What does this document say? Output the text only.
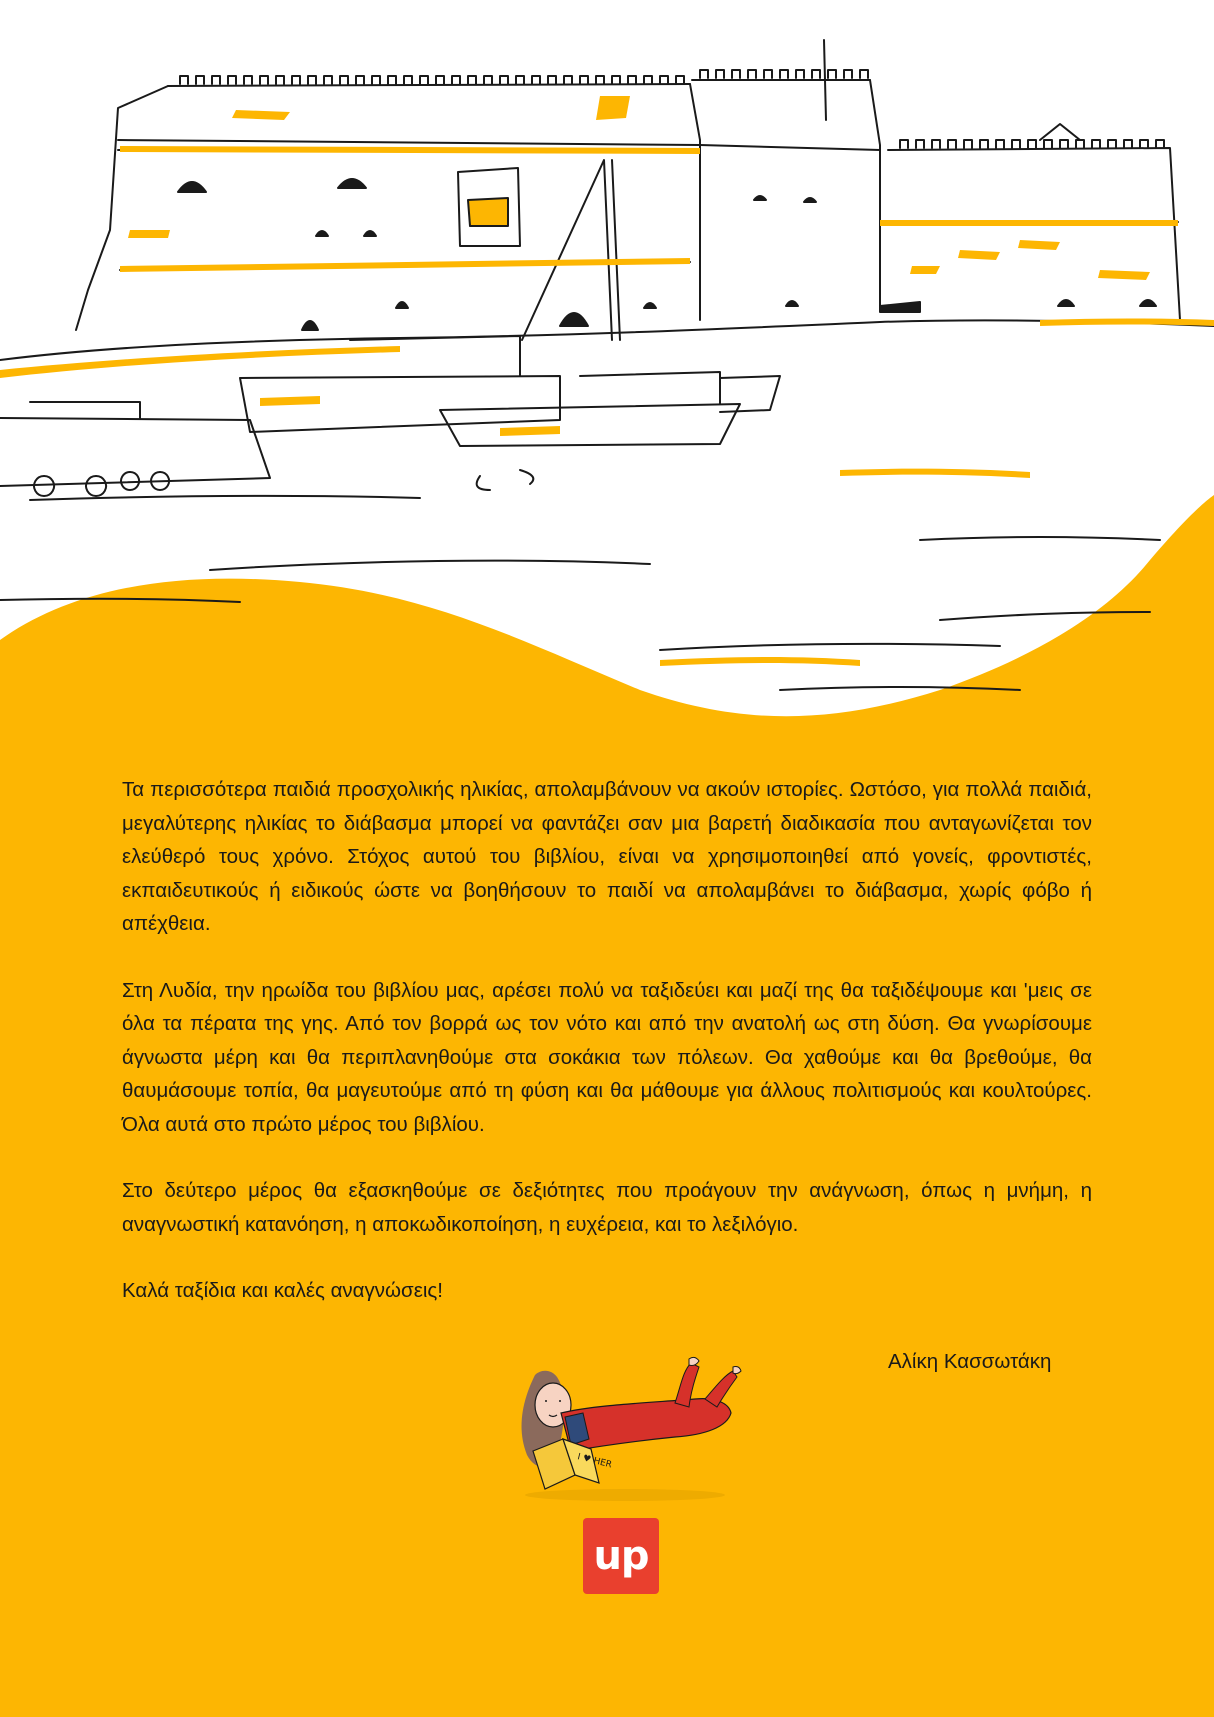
Τα περισσότερα παιδιά προσχολικής ηλικίας, απολαμβάνουν να ακούν ιστορίες. Ωστόσο, για πολλά παιδιά, μεγαλύτερης ηλικίας το διάβασμα μπορεί να φαντάζει σαν μια βαρετή διαδικασία που ανταγωνίζεται τον ελεύθερό τους χρόνο. Στόχος αυτού του βιβλίου, είναι να χρησιμοποιηθεί από γονείς, φροντιστές, εκπαιδευτικούς ή ειδικούς ώστε να βοηθήσουν το παιδί να απολαμβάνει το διάβασμα, χωρίς φόβο ή απέχθεια.

Στη Λυδία, την ηρωίδα του βιβλίου μας, αρέσει πολύ να ταξιδεύει και μαζί της θα ταξιδέψουμε και 'μεις σε όλα τα πέρατα της γης. Από τον βορρά ως τον νότο και από την ανατολή ως στη δύση. Θα γνωρίσουμε άγνωστα μέρη και θα περιπλανηθούμε στα σοκάκια των πόλεων. Θα χαθούμε και θα βρεθούμε, θα θαυμάσουμε τοπία, θα μαγευτούμε από τη φύση και θα μάθουμε για άλλους πολιτισμούς και κουλτούρες. Όλα αυτά στο πρώτο μέρος του βιβλίου.

Στο δεύτερο μέρος θα εξασκηθούμε σε δεξιότητες που προάγουν την ανάγνωση, όπως η μνήμη, η αναγνωστική κατανόηση, η αποκωδικοποίηση, η ευχέρεια, και το λεξιλόγιο.

Καλά ταξίδια και καλές αναγνώσεις!

Αλίκη Κασσωτάκη
I ♥ HER
up
